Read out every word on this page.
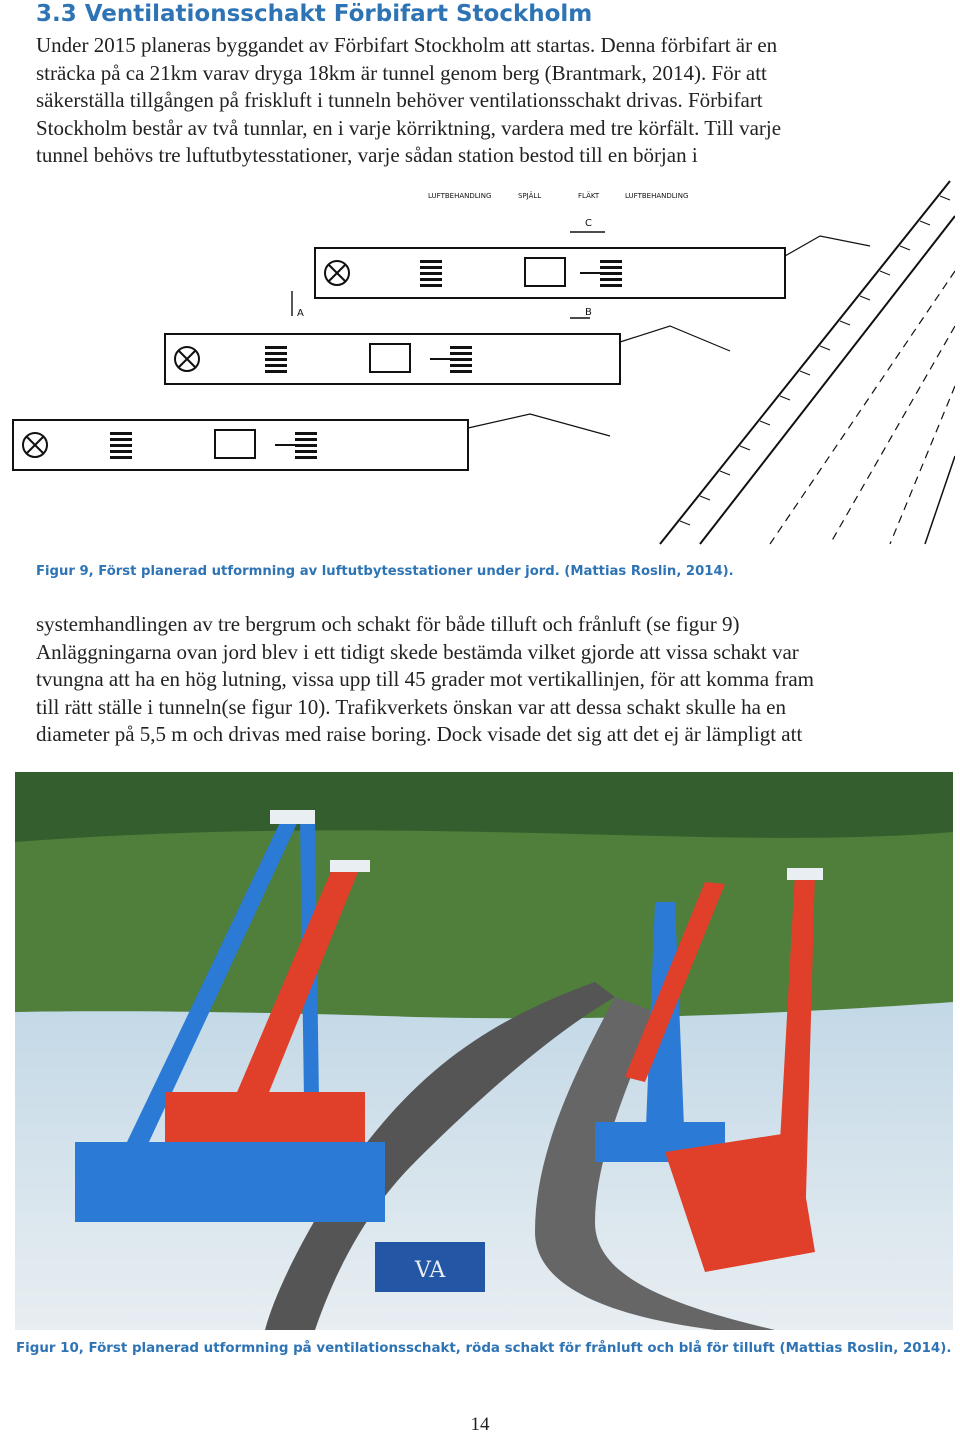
3.3 Ventilationsschakt Förbifart Stockholm

Under 2015 planeras byggandet av Förbifart Stockholm att startas. Denna förbifart är en
sträcka på ca 21km varav dryga 18km är tunnel genom berg (Brantmark, 2014). För att
säkerställa tillgången på friskluft i tunneln behöver ventilationsschakt drivas. Förbifart
Stockholm består av två tunnlar, en i varje körriktning, vardera med tre körfält. Till varje
tunnel behövs tre luftutbytesstationer, varje sådan station bestod till en början i

LUFTBEHANDLING	SPJÄLL	FLÄKT	LUFTBEHANDLING
A	B
C

Figur 9, Först planerad utformning av luftutbytesstationer under jord. (Mattias Roslin, 2014).

systemhandlingen av tre bergrum och schakt för både tilluft och frånluft (se figur 9)
Anläggningarna ovan jord blev i ett tidigt skede bestämda vilket gjorde att vissa schakt var
tvungna att ha en hög lutning, vissa upp till 45 grader mot vertikallinjen, för att komma fram
till rätt ställe i tunneln(se figur 10). Trafikverkets önskan var att dessa schakt skulle ha en
diameter på 5,5 m och drivas med raise boring. Dock visade det sig att det ej är lämpligt att

VA

Figur 10, Först planerad utformning på ventilationsschakt, röda schakt för frånluft och blå för tilluft (Mattias Roslin, 2014).

14
